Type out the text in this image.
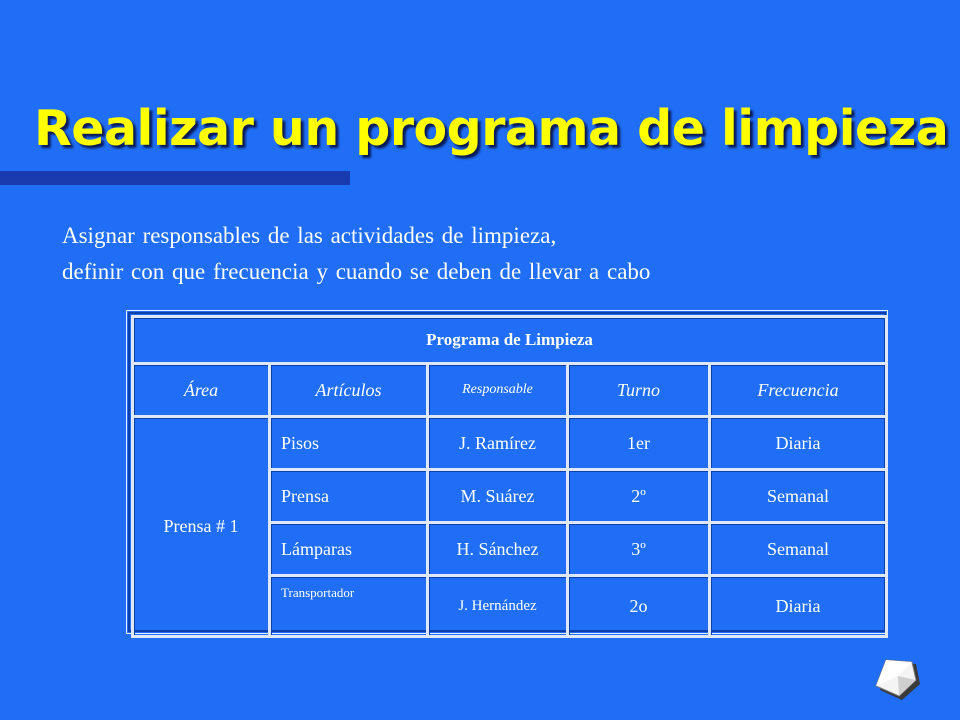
Realizar un programa de limpieza
Asignar responsables de las actividades de limpieza,
definir con que frecuencia y cuando se deben de llevar a cabo
Programa de Limpieza				
Área	Artículos	Responsable	Turno	Frecuencia
Prensa # 1	Pisos	J. Ramírez	1er	Diaria
	Prensa	M. Suárez	2º	Semanal
	Lámparas	H. Sánchez	3º	Semanal
	Transportador	J. Hernández	2o	Diaria
